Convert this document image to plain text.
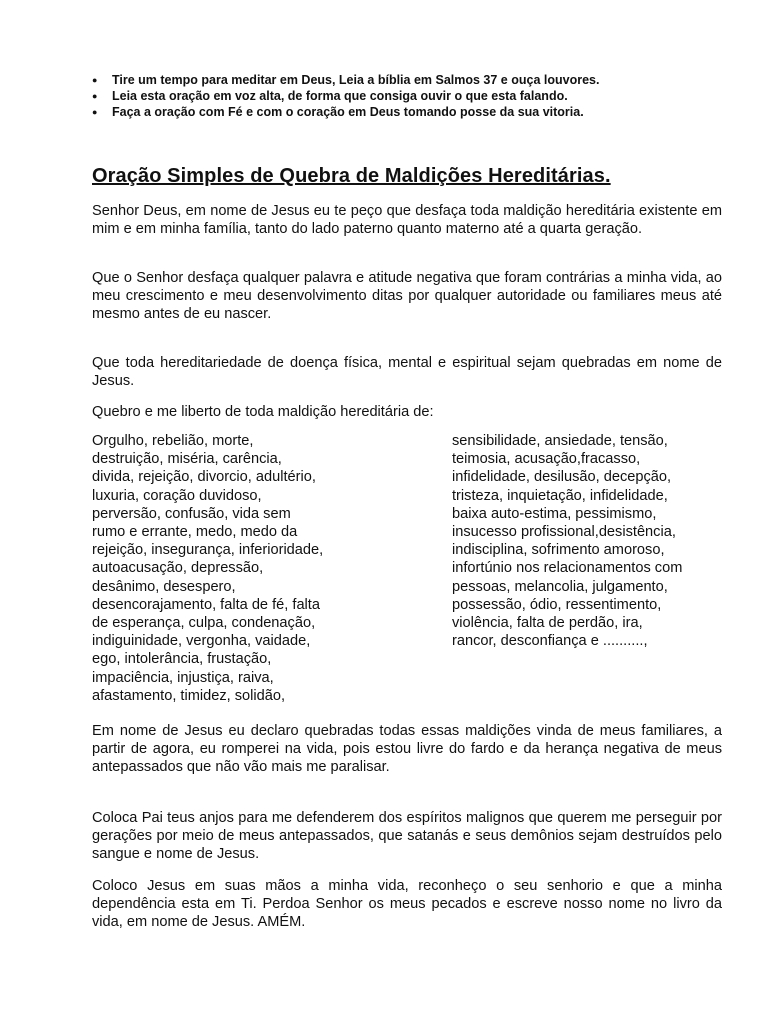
● Tire um tempo para meditar em Deus, Leia a bíblia em Salmos 37 e ouça louvores.
● Leia esta oração em voz alta, de forma que consiga ouvir o que esta falando.
● Faça a oração com Fé e com o coração em Deus tomando posse da sua vitoria.
Oração Simples de Quebra de Maldições Hereditárias.

Senhor Deus, em nome de Jesus eu te peço que desfaça toda maldição hereditária existente em mim e em minha família, tanto do lado paterno quanto materno até a quarta geração.

Que o Senhor desfaça qualquer palavra e atitude negativa que foram contrárias a minha vida, ao meu crescimento e meu desenvolvimento ditas por qualquer autoridade ou familiares meus até mesmo antes de eu nascer.

Que toda hereditariedade de doença física, mental e espiritual sejam quebradas em nome de Jesus.

Quebro e me liberto de toda maldição hereditária de:

Orgulho, rebelião, morte,
destruição, miséria, carência,
divida, rejeição, divorcio, adultério,
luxuria, coração duvidoso,
perversão, confusão, vida sem
rumo e errante, medo, medo da
rejeição, insegurança, inferioridade,
autoacusação, depressão,
desânimo, desespero,
desencorajamento, falta de fé, falta
de esperança, culpa, condenação,
indiguinidade, vergonha, vaidade,
ego, intolerância, frustação,
impaciência, injustiça, raiva,
afastamento, timidez, solidão,
sensibilidade, ansiedade, tensão,
teimosia, acusação,fracasso,
infidelidade, desilusão, decepção,
tristeza, inquietação, infidelidade,
baixa auto-estima, pessimismo,
insucesso profissional,desistência,
indisciplina, sofrimento amoroso,
infortúnio nos relacionamentos com
pessoas, melancolia, julgamento,
possessão, ódio, ressentimento,
violência, falta de perdão, ira,
rancor, desconfiança e ..........,

Em nome de Jesus eu declaro quebradas todas essas maldições vinda de meus familiares, a partir de agora, eu romperei na vida, pois estou livre do fardo e da herança negativa de meus antepassados que não vão mais me paralisar.

Coloca Pai teus anjos para me defenderem dos espíritos malignos que querem me perseguir por gerações por meio de meus antepassados, que satanás e seus demônios sejam destruídos pelo sangue e nome de Jesus.

Coloco Jesus em suas mãos a minha vida, reconheço o seu senhorio e que a minha dependência esta em Ti. Perdoa Senhor os meus pecados e escreve nosso nome no livro da vida, em nome de Jesus. AMÉM.
